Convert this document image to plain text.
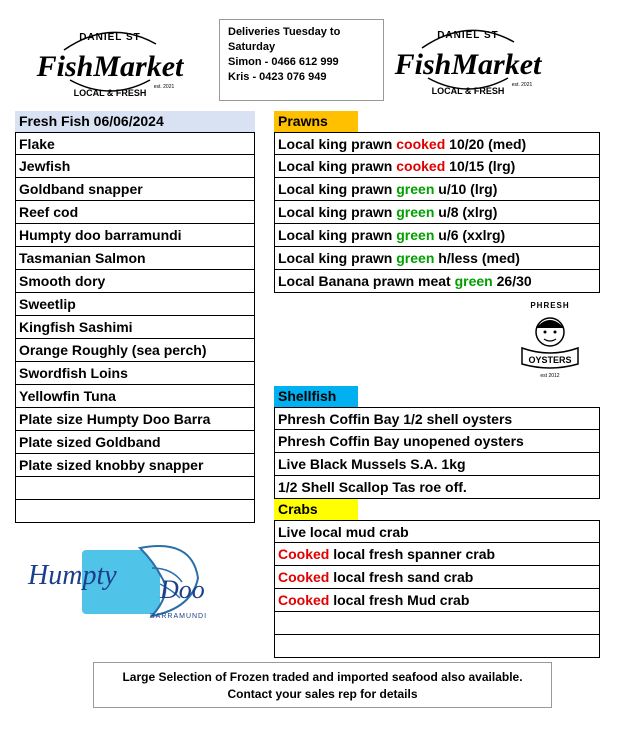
DANIEL ST
FishMarket
LOCAL & FRESH
est. 2021
Deliveries Tuesday to
Saturday
Simon - 0466 612 999
Kris - 0423 076 949
DANIEL ST
FishMarket
LOCAL & FRESH
est. 2021
Fresh Fish 06/06/2024
Flake
Jewfish
Goldband snapper
Reef cod
Humpty doo barramundi
Tasmanian Salmon
Smooth dory
Sweetlip
Kingfish Sashimi
Orange Roughly (sea perch)
Swordfish Loins
Yellowfin Tuna
Plate size Humpty Doo Barra
Plate sized Goldband
Plate sized knobby snapper
Prawns
Local king prawn cooked 10/20 (med)
Local king prawn cooked 10/15 (lrg)
Local king prawn green u/10 (lrg)
Local king prawn green u/8 (xlrg)
Local king prawn green u/6 (xxlrg)
Local king prawn green h/less (med)
Local Banana prawn meat green 26/30
PHRESH
OYSTERS
est 2012
Shellfish
Phresh Coffin Bay 1/2 shell oysters
Phresh Coffin Bay unopened oysters
Live Black Mussels S.A. 1kg
1/2 Shell Scallop Tas roe off.
Crabs
Live local mud crab
Cooked local fresh spanner crab
Cooked local fresh sand crab
Cooked local fresh Mud crab
Humpty Doo
BARRAMUNDI
Large Selection of Frozen traded and imported seafood also available.
Contact your sales rep for details
